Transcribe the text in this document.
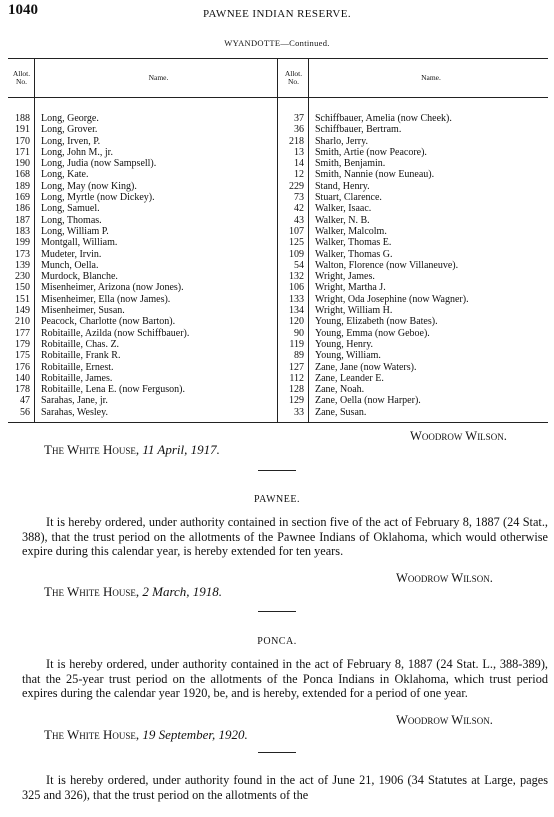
1040	PAWNEE INDIAN RESERVE.
WYANDOTTE—Continued.
Allot. No.	Name.	Allot. No.	Name.

188	Long, George.	37	Schiffbauer, Amelia (now Cheek).
191	Long, Grover.	36	Schiffbauer, Bertram.
170	Long, Irven, P.	218	Sharlo, Jerry.
171	Long, John M., jr.	13	Smith, Artie (now Peacore).
190	Long, Judia (now Sampsell).	14	Smith, Benjamin.
168	Long, Kate.	12	Smith, Nannie (now Euneau).
189	Long, May (now King).	229	Stand, Henry.
169	Long, Myrtle (now Dickey).	73	Stuart, Clarence.
186	Long, Samuel.	42	Walker, Isaac.
187	Long, Thomas.	43	Walker, N. B.
183	Long, William P.	107	Walker, Malcolm.
199	Montgall, William.	125	Walker, Thomas E.
173	Mudeter, Irvin.	109	Walker, Thomas G.
139	Munch, Oella.	54	Walton, Florence (now Villaneuve).
230	Murdock, Blanche.	132	Wright, James.
150	Misenheimer, Arizona (now Jones).	106	Wright, Martha J.
151	Misenheimer, Ella (now James).	133	Wright, Oda Josephine (now Wagner).
149	Misenheimer, Susan.	134	Wright, William H.
210	Peacock, Charlotte (now Barton).	120	Young, Elizabeth (now Bates).
177	Robitaille, Azilda (now Schiffbauer).	90	Young, Emma (now Geboe).
179	Robitaille, Chas. Z.	119	Young, Henry.
175	Robitaille, Frank R.	89	Young, William.
176	Robitaille, Ernest.	127	Zane, Jane (now Waters).
140	Robitaille, James.	112	Zane, Leander E.
178	Robitaille, Lena E. (now Ferguson).	128	Zane, Noah.
47	Sarahas, Jane, jr.	129	Zane, Oella (now Harper).
56	Sarahas, Wesley.	33	Zane, Susan.
Woodrow Wilson.
The White House, 11 April, 1917.
PAWNEE.
It is hereby ordered, under authority contained in section five of the act of February 8, 1887 (24 Stat., 388), that the trust period on the allotments of the Pawnee Indians of Oklahoma, which would otherwise expire during this calendar year, is hereby extended for ten years.
Woodrow Wilson.
The White House, 2 March, 1918.
PONCA.
It is hereby ordered, under authority contained in the act of February 8, 1887 (24 Stat. L., 388-389), that the 25-year trust period on the allotments of the Ponca Indians in Oklahoma, which trust period expires during the calendar year 1920, be, and is hereby, extended for a period of one year.
Woodrow Wilson.
The White House, 19 September, 1920.
It is hereby ordered, under authority found in the act of June 21, 1906 (34 Statutes at Large, pages 325 and 326), that the trust period on the allotments of the
